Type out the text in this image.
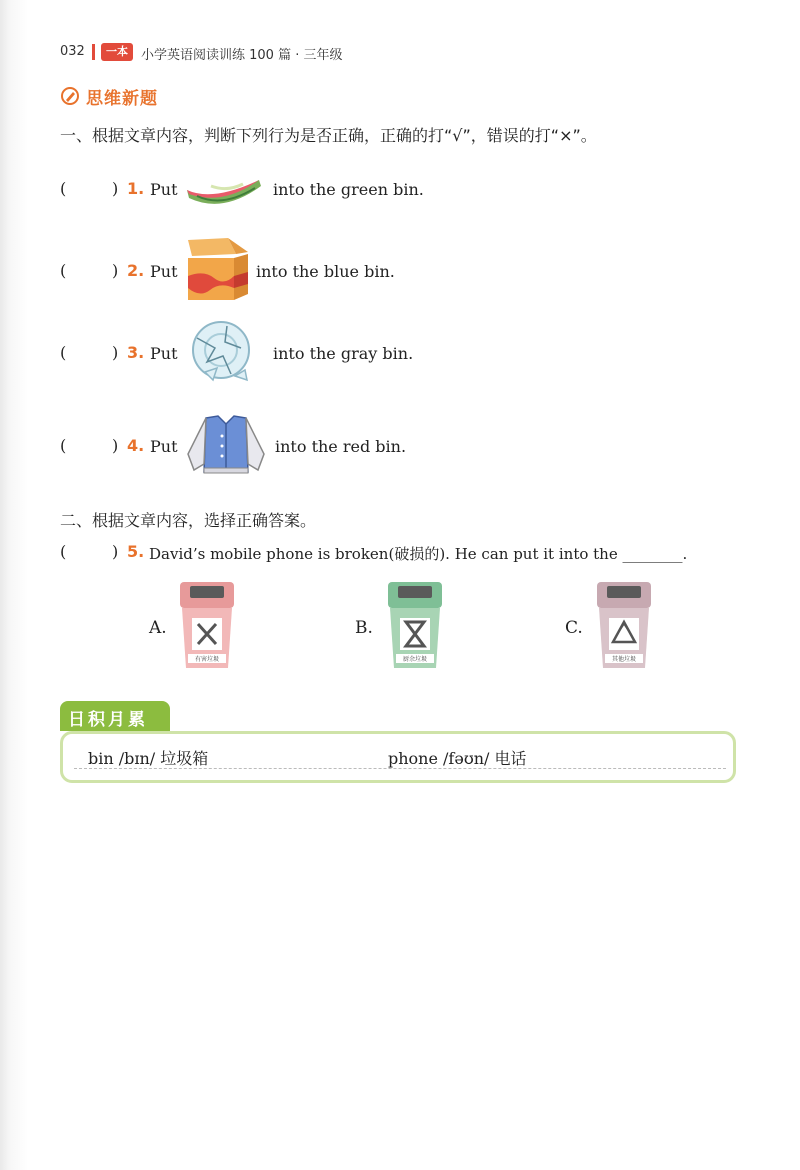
032	一本	小学英语阅读训练 100 篇 · 三年级
思维新题
一、根据文章内容，判断下列行为是否正确，正确的打“√”，错误的打“×”。
(	) 1. Put	into the green bin.
(	) 2. Put	into the blue bin.
(	) 3. Put	into the gray bin.
(	) 4. Put	into the red bin.
二、根据文章内容，选择正确答案。
(	) 5. David’s mobile phone is broken(破损的). He can put it into the ________.
A.
有害垃圾
B.
厨余垃圾
C.
其他垃圾
日积月累
bin /bɪn/ 垃圾箱	phone /fəʊn/ 电话
